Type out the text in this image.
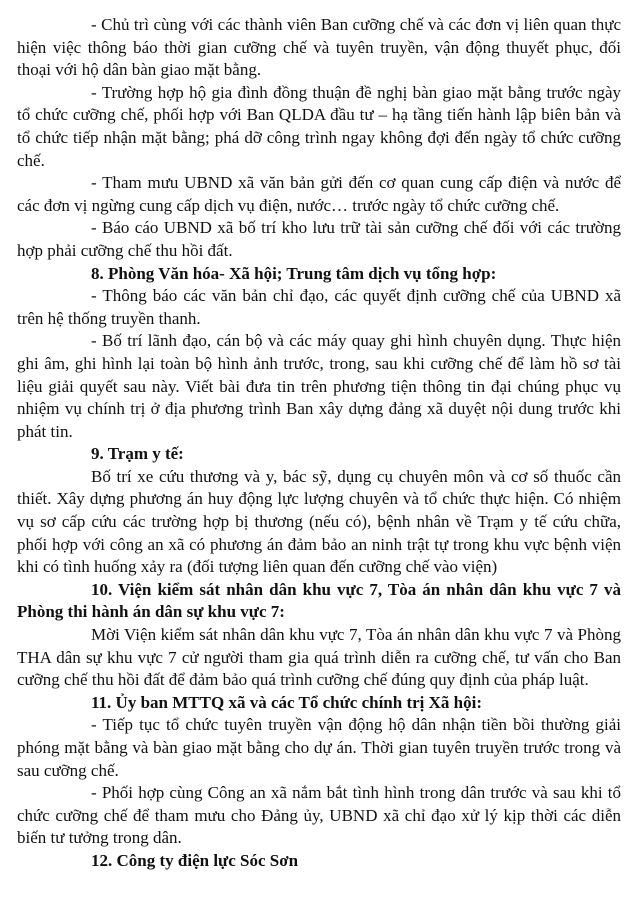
- Chủ trì cùng với các thành viên Ban cưỡng chế và các đơn vị liên quan thực hiện việc thông báo thời gian cưỡng chế và tuyên truyền, vận động thuyết phục, đối thoại với hộ dân bàn giao mặt bằng.

- Trường hợp hộ gia đình đồng thuận đề nghị bàn giao mặt bằng trước ngày tổ chức cưỡng chế, phối hợp với Ban QLDA đầu tư – hạ tầng tiến hành lập biên bản và tổ chức tiếp nhận mặt bằng; phá dỡ công trình ngay không đợi đến ngày tổ chức cưỡng chế.

- Tham mưu UBND xã văn bản gửi đến cơ quan cung cấp điện và nước để các đơn vị ngừng cung cấp dịch vụ điện, nước… trước ngày tổ chức cưỡng chế.

- Báo cáo UBND xã bố trí kho lưu trữ tài sản cưỡng chế đối với các trường hợp phải cưỡng chế thu hồi đất.

8. Phòng Văn hóa- Xã hội; Trung tâm dịch vụ tổng hợp:

- Thông báo các văn bản chỉ đạo, các quyết định cưỡng chế của UBND xã trên hệ thống truyền thanh.

- Bố trí lãnh đạo, cán bộ và các máy quay ghi hình chuyên dụng. Thực hiện ghi âm, ghi hình lại toàn bộ hình ảnh trước, trong, sau khi cưỡng chế để làm hồ sơ tài liệu giải quyết sau này. Viết bài đưa tin trên phương tiện thông tin đại chúng phục vụ nhiệm vụ chính trị ở địa phương trình Ban xây dựng đảng xã duyệt nội dung trước khi phát tin.

9. Trạm y tế:

Bố trí xe cứu thương và y, bác sỹ, dụng cụ chuyên môn và cơ số thuốc cần thiết. Xây dựng phương án huy động lực lượng chuyên và tổ chức thực hiện. Có nhiệm vụ sơ cấp cứu các trường hợp bị thương (nếu có), bệnh nhân về Trạm y tế cứu chữa, phối hợp với công an xã có phương án đảm bảo an ninh trật tự trong khu vực bệnh viện khi có tình huống xảy ra (đối tượng liên quan đến cưỡng chế vào viện)

10. Viện kiểm sát nhân dân khu vực 7, Tòa án nhân dân khu vực 7 và Phòng thi hành án dân sự khu vực 7:

Mời Viện kiểm sát nhân dân khu vực 7, Tòa án nhân dân khu vực 7 và Phòng THA dân sự khu vực 7 cử người tham gia quá trình diễn ra cưỡng chế, tư vấn cho Ban cưỡng chế thu hồi đất để đảm bảo quá trình cưỡng chế đúng quy định của pháp luật.

11. Ủy ban MTTQ xã và các Tổ chức chính trị Xã hội:

- Tiếp tục tổ chức tuyên truyền vận động hộ dân nhận tiền bồi thường giải phóng mặt bằng và bàn giao mặt bằng cho dự án. Thời gian tuyên truyền trước trong và sau cưỡng chế.

- Phối hợp cùng Công an xã nắm bắt tình hình trong dân trước và sau khi tổ chức cưỡng chế để tham mưu cho Đảng ủy, UBND xã chỉ đạo xử lý kịp thời các diễn biến tư tưởng trong dân.

12. Công ty điện lực Sóc Sơn
